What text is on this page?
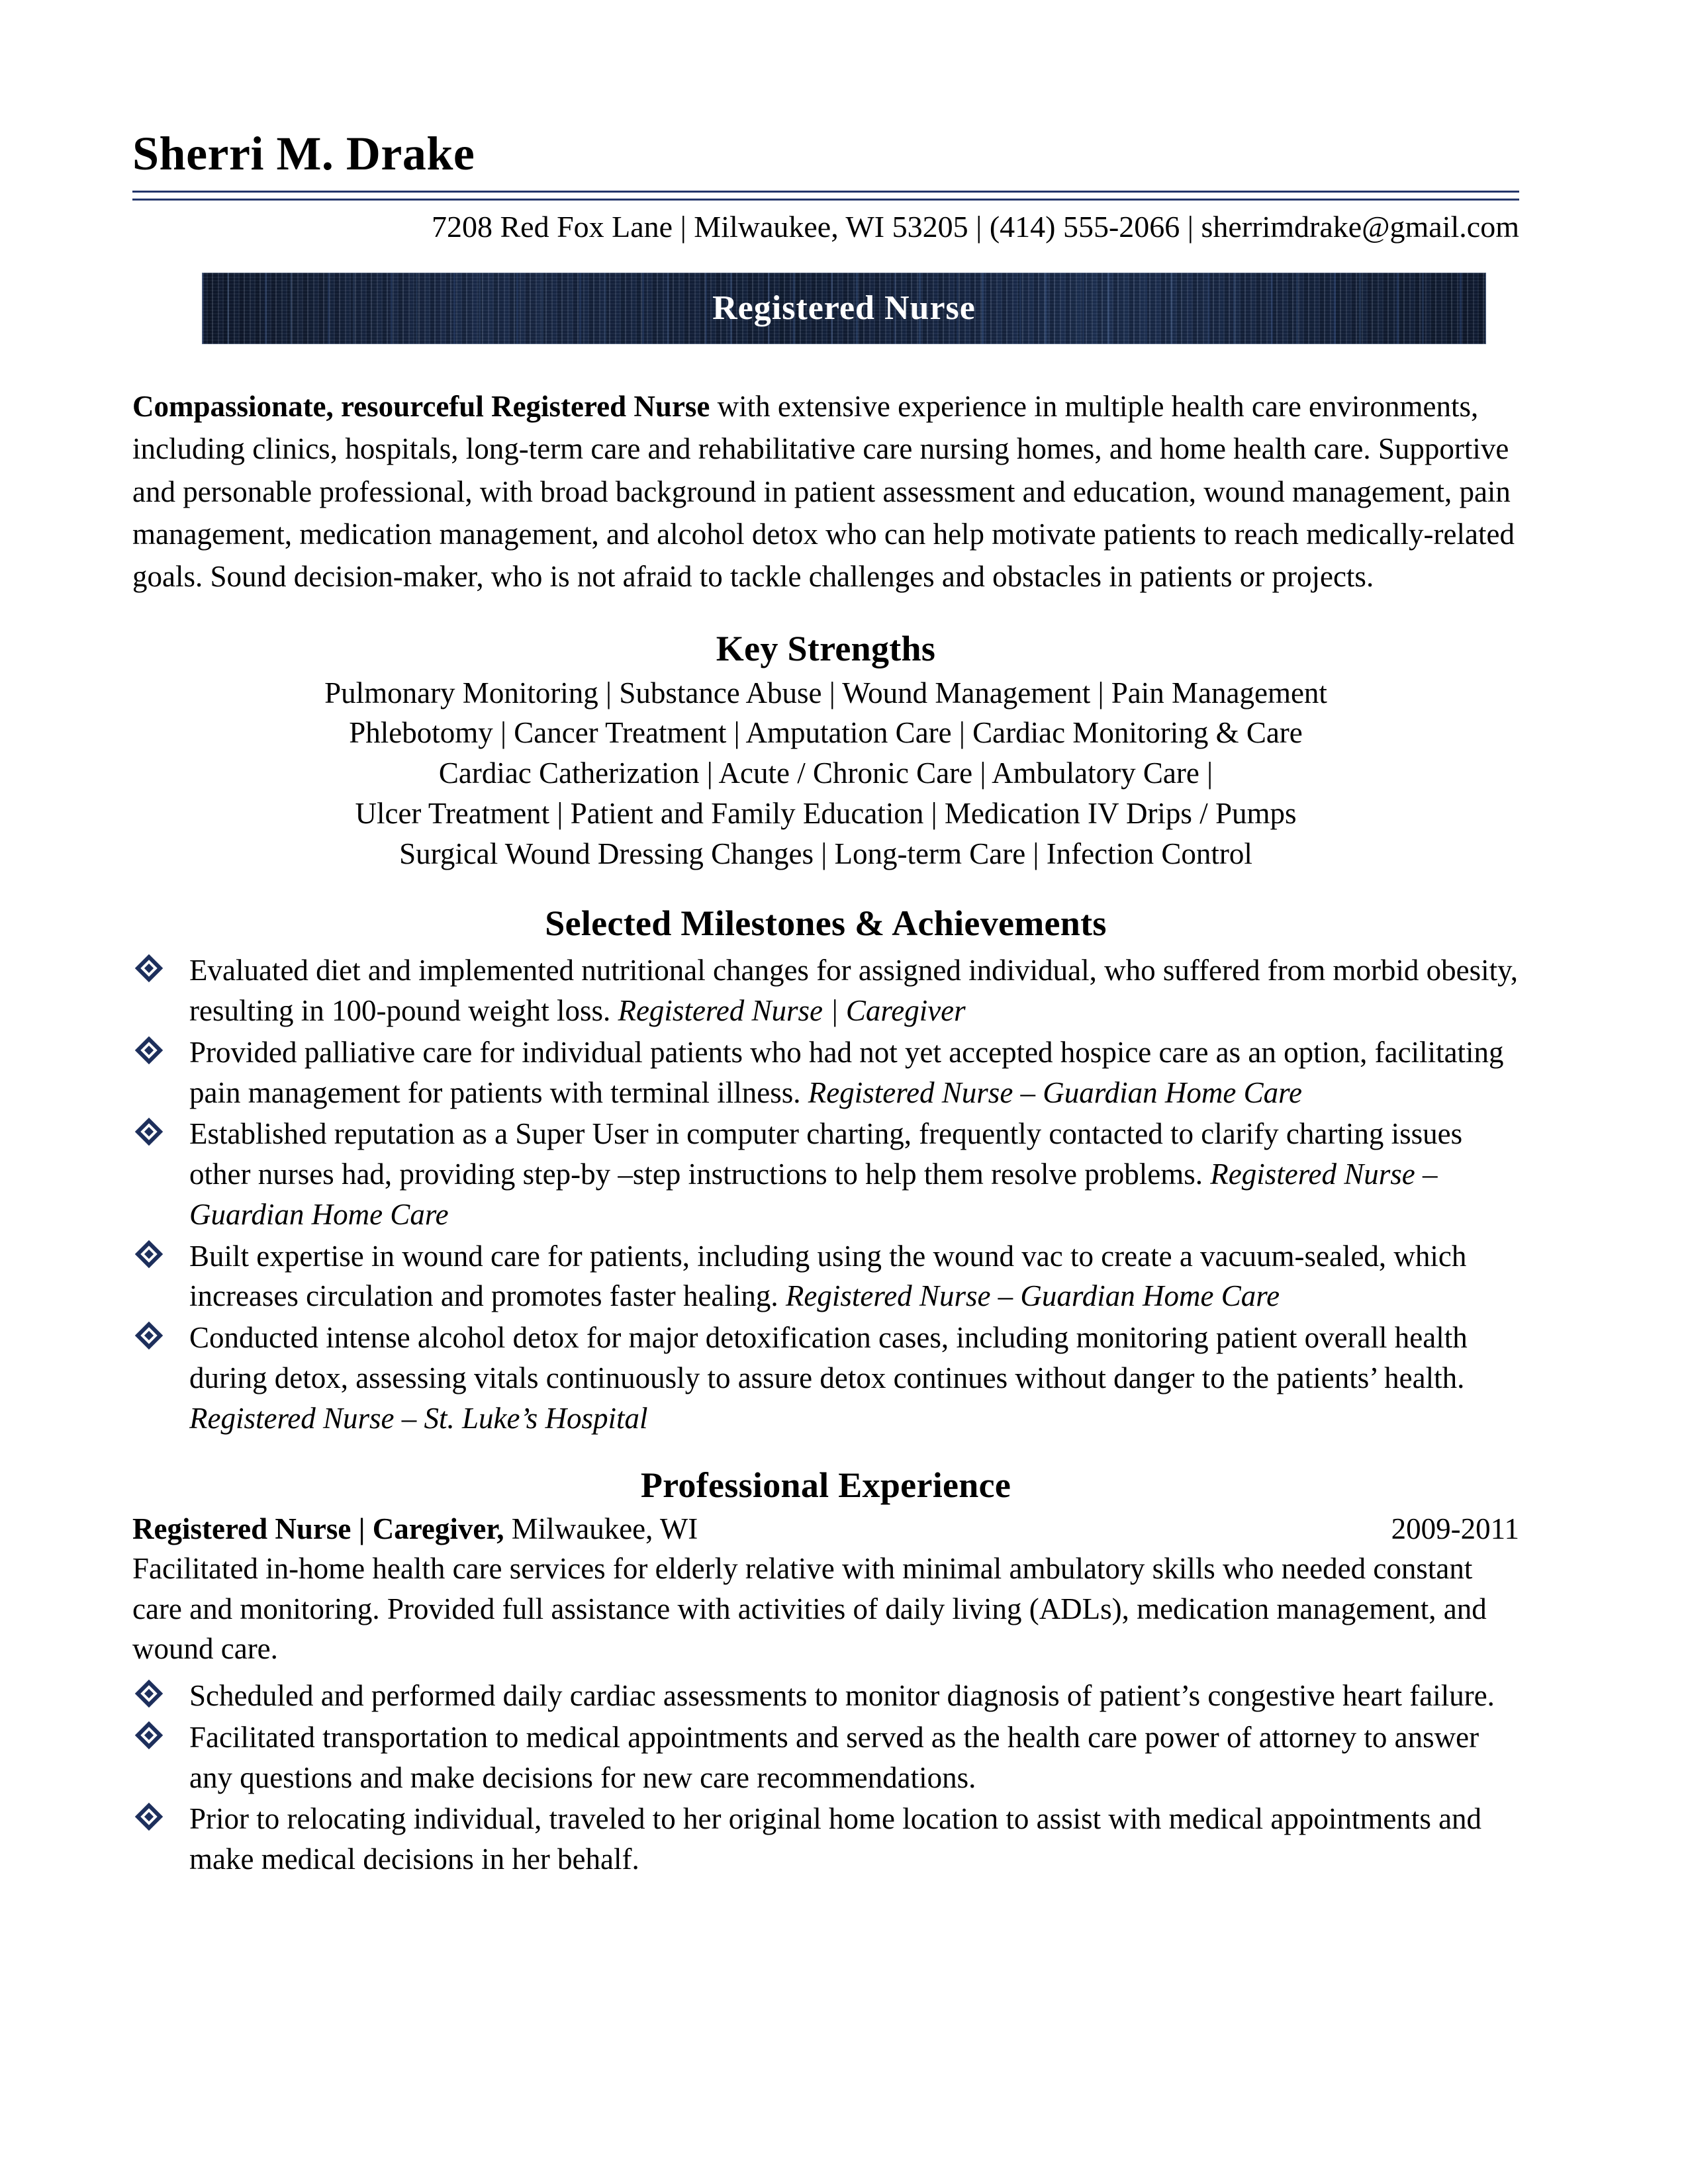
Sherri M. Drake
7208 Red Fox Lane | Milwaukee, WI 53205 | (414) 555-2066 | sherrimdrake@gmail.com
Registered Nurse

Compassionate, resourceful Registered Nurse with extensive experience in multiple health care environments, including clinics, hospitals, long-term care and rehabilitative care nursing homes, and home health care. Supportive and personable professional, with broad background in patient assessment and education, wound management, pain management, medication management, and alcohol detox who can help motivate patients to reach medically-related goals. Sound decision-maker, who is not afraid to tackle challenges and obstacles in patients or projects.

Key Strengths
Pulmonary Monitoring | Substance Abuse | Wound Management | Pain Management
Phlebotomy | Cancer Treatment | Amputation Care | Cardiac Monitoring & Care
Cardiac Catherization | Acute / Chronic Care | Ambulatory Care |
Ulcer Treatment | Patient and Family Education | Medication IV Drips / Pumps
Surgical Wound Dressing Changes | Long-term Care | Infection Control
Selected Milestones & Achievements
Evaluated diet and implemented nutritional changes for assigned individual, who suffered from morbid obesity, resulting in 100-pound weight loss. Registered Nurse | Caregiver
Provided palliative care for individual patients who had not yet accepted hospice care as an option, facilitating pain management for patients with terminal illness. Registered Nurse – Guardian Home Care
Established reputation as a Super User in computer charting, frequently contacted to clarify charting issues other nurses had, providing step-by –step instructions to help them resolve problems. Registered Nurse – Guardian Home Care
Built expertise in wound care for patients, including using the wound vac to create a vacuum-sealed, which increases circulation and promotes faster healing. Registered Nurse – Guardian Home Care
Conducted intense alcohol detox for major detoxification cases, including monitoring patient overall health during detox, assessing vitals continuously to assure detox continues without danger to the patients’ health. Registered Nurse – St. Luke’s Hospital
Professional Experience
Registered Nurse | Caregiver, Milwaukee, WI	2009-2011
Facilitated in-home health care services for elderly relative with minimal ambulatory skills who needed constant care and monitoring. Provided full assistance with activities of daily living (ADLs), medication management, and wound care.
Scheduled and performed daily cardiac assessments to monitor diagnosis of patient’s congestive heart failure.
Facilitated transportation to medical appointments and served as the health care power of attorney to answer any questions and make decisions for new care recommendations.
Prior to relocating individual, traveled to her original home location to assist with medical appointments and make medical decisions in her behalf.
